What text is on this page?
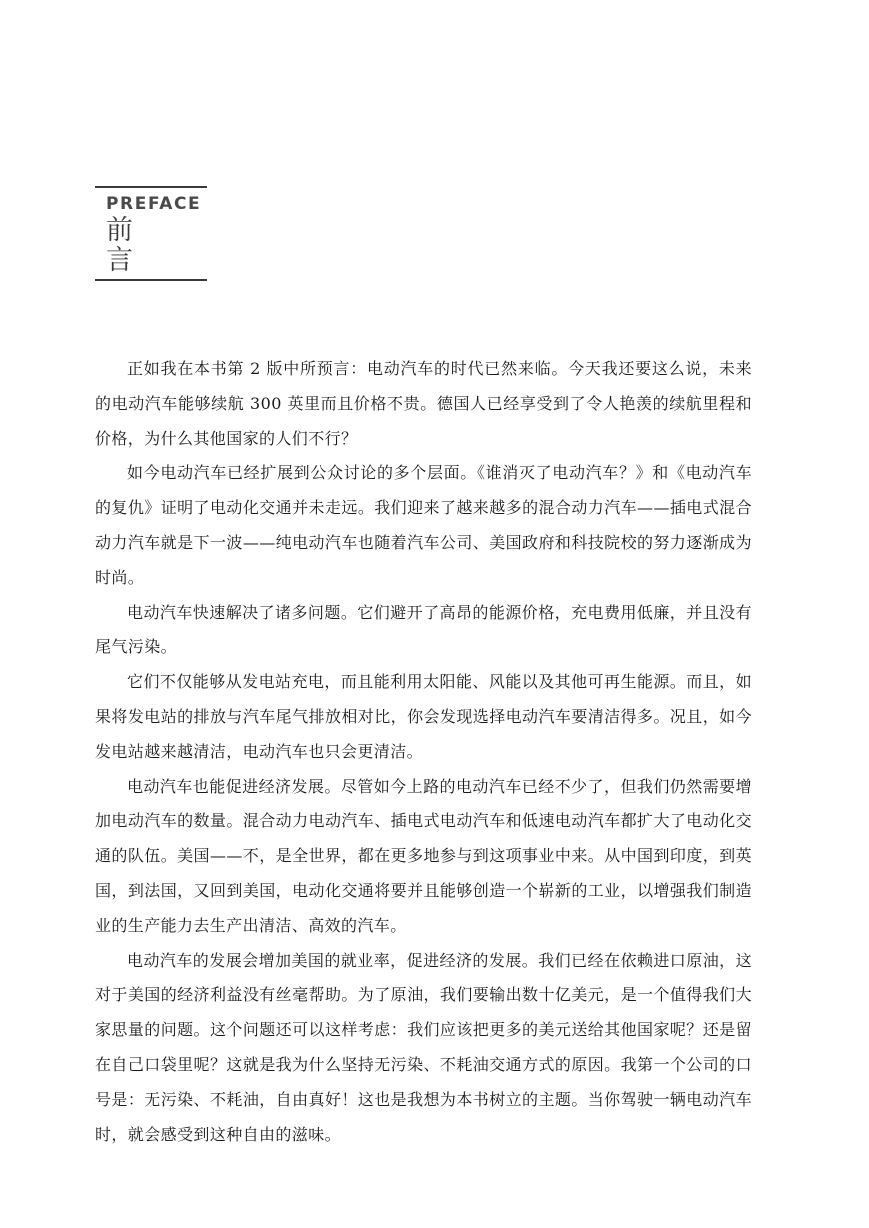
PREFACE
前言

正如我在本书第 2 版中所预言：电动汽车的时代已然来临。今天我还要这么说，未来的电动汽车能够续航 300 英里而且价格不贵。德国人已经享受到了令人艳羡的续航里程和价格，为什么其他国家的人们不行？

如今电动汽车已经扩展到公众讨论的多个层面。《谁消灭了电动汽车？》和《电动汽车的复仇》证明了电动化交通并未走远。我们迎来了越来越多的混合动力汽车——插电式混合动力汽车就是下一波——纯电动汽车也随着汽车公司、美国政府和科技院校的努力逐渐成为时尚。

电动汽车快速解决了诸多问题。它们避开了高昂的能源价格，充电费用低廉，并且没有尾气污染。

它们不仅能够从发电站充电，而且能利用太阳能、风能以及其他可再生能源。而且，如果将发电站的排放与汽车尾气排放相对比，你会发现选择电动汽车要清洁得多。况且，如今发电站越来越清洁，电动汽车也只会更清洁。

电动汽车也能促进经济发展。尽管如今上路的电动汽车已经不少了，但我们仍然需要增加电动汽车的数量。混合动力电动汽车、插电式电动汽车和低速电动汽车都扩大了电动化交通的队伍。美国——不，是全世界，都在更多地参与到这项事业中来。从中国到印度，到英国，到法国，又回到美国，电动化交通将要并且能够创造一个崭新的工业，以增强我们制造业的生产能力去生产出清洁、高效的汽车。

电动汽车的发展会增加美国的就业率，促进经济的发展。我们已经在依赖进口原油，这对于美国的经济利益没有丝毫帮助。为了原油，我们要输出数十亿美元，是一个值得我们大家思量的问题。这个问题还可以这样考虑：我们应该把更多的美元送给其他国家呢？还是留在自己口袋里呢？这就是我为什么坚持无污染、不耗油交通方式的原因。我第一个公司的口号是：无污染、不耗油，自由真好！这也是我想为本书树立的主题。当你驾驶一辆电动汽车时，就会感受到这种自由的滋味。
